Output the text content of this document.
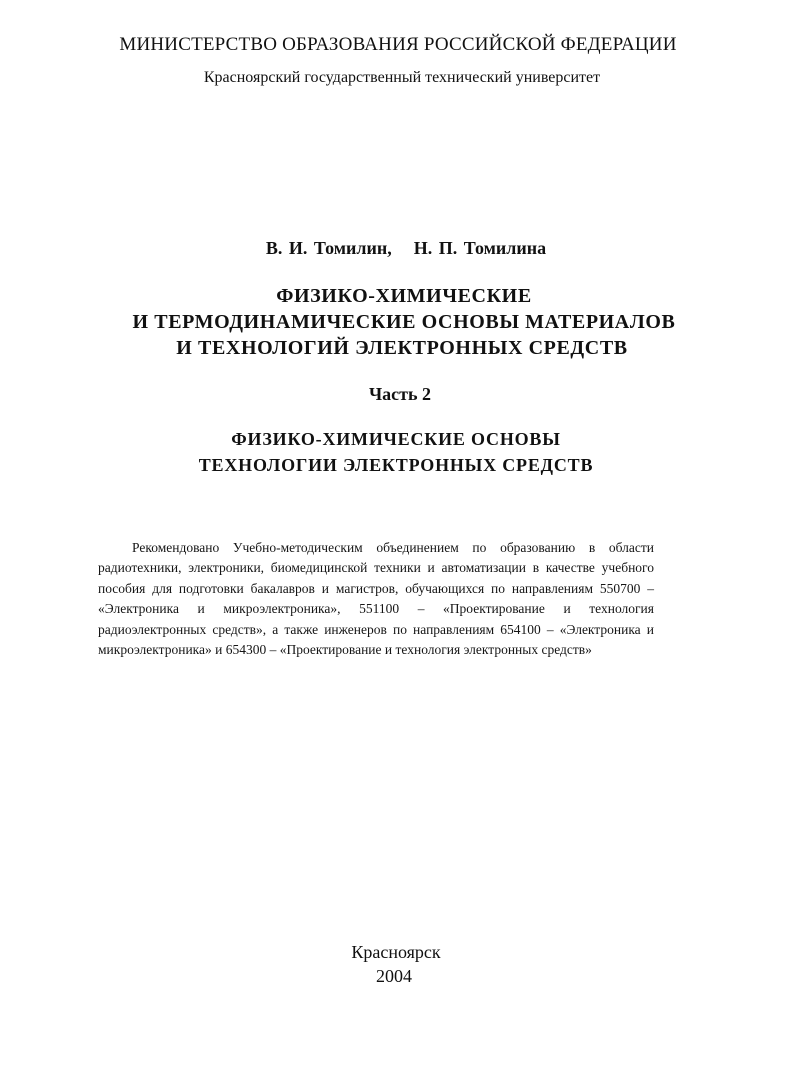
МИНИСТЕРСТВО ОБРАЗОВАНИЯ РОССИЙСКОЙ ФЕДЕРАЦИИ
Красноярский государственный технический университет
В. И. Томилин, Н. П. Томилина
ФИЗИКО-ХИМИЧЕСКИЕ
И ТЕРМОДИНАМИЧЕСКИЕ ОСНОВЫ МАТЕРИАЛОВ
И ТЕХНОЛОГИЙ ЭЛЕКТРОННЫХ СРЕДСТВ
Часть 2
ФИЗИКО-ХИМИЧЕСКИЕ ОСНОВЫ
ТЕХНОЛОГИИ ЭЛЕКТРОННЫХ СРЕДСТВ

Рекомендовано Учебно-методическим объединением по образованию в области радиотехники, электроники, биомедицинской техники и автоматизации в качестве учебного пособия для подготовки бакалавров и магистров, обучающихся по направлениям 550700 – «Электроника и микроэлектроника», 551100 – «Проектирование и технология радиоэлектронных средств», а также инженеров по направлениям 654100 – «Электроника и микроэлектроника» и 654300 – «Проектирование и технология электронных средств»

Красноярск
2004
